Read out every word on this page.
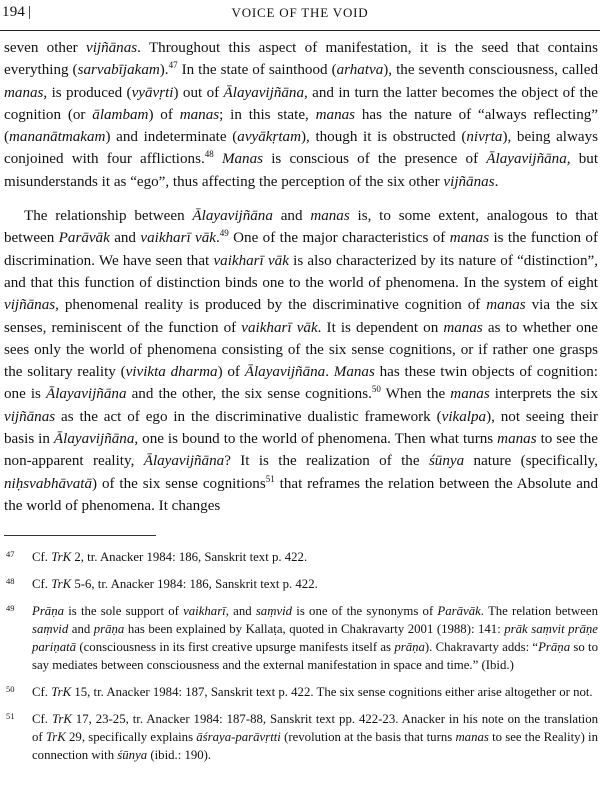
194 |	VOICE OF THE VOID

seven other vijñānas. Throughout this aspect of manifestation, it is the seed that contains everything (sarvabījakam).$^{47}$ In the state of sainthood (arhatva), the seventh consciousness, called manas, is produced (vyāvṛti) out of Ālayavijñāna, and in turn the latter becomes the object of the cognition (or ālambam) of manas; in this state, manas has the nature of “always reflecting” (mananātmakam) and indeterminate (avyākṛtam), though it is obstructed (nivṛta), being always conjoined with four afflictions.$^{48}$ Manas is conscious of the presence of Ālayavijñāna, but misunderstands it as “ego”, thus affecting the perception of the six other vijñānas.

The relationship between Ālayavijñāna and manas is, to some extent, analogous to that between Parāvāk and vaikharī vāk.$^{49}$ One of the major characteristics of manas is the function of discrimination. We have seen that vaikharī vāk is also characterized by its nature of “distinction”, and that this function of distinction binds one to the world of phenomena. In the system of eight vijñānas, phenomenal reality is produced by the discriminative cognition of manas via the six senses, reminiscent of the function of vaikharī vāk. It is dependent on manas as to whether one sees only the world of phenomena consisting of the six sense cognitions, or if rather one grasps the solitary reality (vivikta dharma) of Ālayavijñāna. Manas has these twin objects of cognition: one is Ālayavijñāna and the other, the six sense cognitions.$^{50}$ When the manas interprets the six vijñānas as the act of ego in the discriminative dualistic framework (vikalpa), not seeing their basis in Ālayavijñāna, one is bound to the world of phenomena. Then what turns manas to see the non-apparent reality, Ālayavijñāna? It is the realization of the śūnya nature (specifically, niḥsvabhāvatā) of the six sense cognitions$^{51}$ that reframes the relation between the Absolute and the world of phenomena. It changes

47 Cf. TrK 2, tr. Anacker 1984: 186, Sanskrit text p. 422.
48 Cf. TrK 5-6, tr. Anacker 1984: 186, Sanskrit text p. 422.
49 Prāṇa is the sole support of vaikharī, and saṃvid is one of the synonyms of Parāvāk. The relation between saṃvid and prāṇa has been explained by Kallaṭa, quoted in Chakravarty 2001 (1988): 141: prāk saṃvit prāṇe pariṇatā (consciousness in its first creative upsurge manifests itself as prāṇa). Chakravarty adds: “Prāṇa so to say mediates between consciousness and the external manifestation in space and time.” (Ibid.)
50 Cf. TrK 15, tr. Anacker 1984: 187, Sanskrit text p. 422. The six sense cognitions either arise altogether or not.
51 Cf. TrK 17, 23-25, tr. Anacker 1984: 187-88, Sanskrit text pp. 422-23. Anacker in his note on the translation of TrK 29, specifically explains āśraya-parāvṛtti (revolution at the basis that turns manas to see the Reality) in connection with śūnya (ibid.: 190).
